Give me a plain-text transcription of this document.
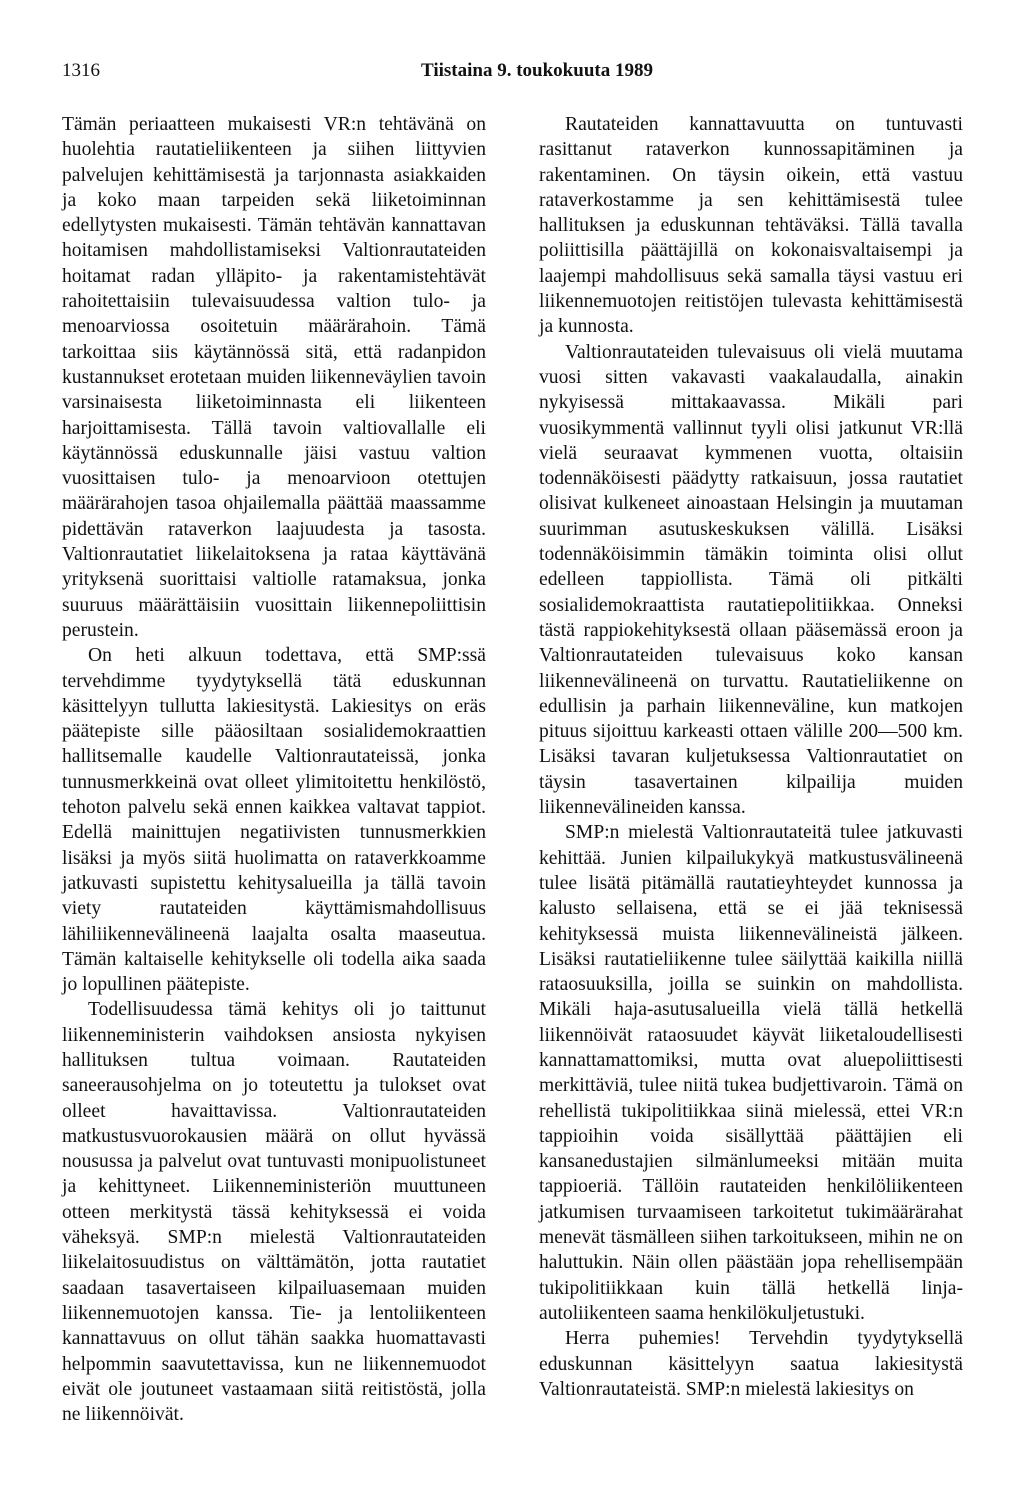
1316	Tiistaina 9. toukokuuta 1989

Tämän periaatteen mukaisesti VR:n tehtävänä on huolehtia rautatieliikenteen ja siihen liittyvien palvelujen kehittämisestä ja tarjonnasta asiakkaiden ja koko maan tarpeiden sekä liiketoiminnan edellytysten mukaisesti. Tämän tehtävän kannattavan hoitamisen mahdollistamiseksi Valtionrautateiden hoitamat radan ylläpito- ja rakentamistehtävät rahoitettaisiin tulevaisuudessa valtion tulo- ja menoarviossa osoitetuin määrärahoin. Tämä tarkoittaa siis käytännössä sitä, että radanpidon kustannukset erotetaan muiden liikenneväylien tavoin varsinaisesta liiketoiminnasta eli liikenteen harjoittamisesta. Tällä tavoin valtiovallalle eli käytännössä eduskunnalle jäisi vastuu valtion vuosittaisen tulo- ja menoarvioon otettujen määrärahojen tasoa ohjailemalla päättää maassamme pidettävän rataverkon laajuudesta ja tasosta. Valtionrautatiet liikelaitoksena ja rataa käyttävänä yrityksenä suorittaisi valtiolle ratamaksua, jonka suuruus määrättäisiin vuosittain liikennepoliittisin perustein.

On heti alkuun todettava, että SMP:ssä tervehdimme tyydytyksellä tätä eduskunnan käsittelyyn tullutta lakiesitystä. Lakiesitys on eräs päätepiste sille pääosiltaan sosialidemokraattien hallitsemalle kaudelle Valtionrautateissä, jonka tunnusmerkkeinä ovat olleet ylimitoitettu henkilöstö, tehoton palvelu sekä ennen kaikkea valtavat tappiot. Edellä mainittujen negatiivisten tunnusmerkkien lisäksi ja myös siitä huolimatta on rataverkkoamme jatkuvasti supistettu kehitysalueilla ja tällä tavoin viety rautateiden käyttämismahdollisuus lähiliikennevälineenä laajalta osalta maaseutua. Tämän kaltaiselle kehitykselle oli todella aika saada jo lopullinen päätepiste.

Todellisuudessa tämä kehitys oli jo taittunut liikenneministerin vaihdoksen ansiosta nykyisen hallituksen tultua voimaan. Rautateiden saneerausohjelma on jo toteutettu ja tulokset ovat olleet havaittavissa. Valtionrautateiden matkustusvuorokausien määrä on ollut hyvässä nousussa ja palvelut ovat tuntuvasti monipuolistuneet ja kehittyneet. Liikenneministeriön muuttuneen otteen merkitystä tässä kehityksessä ei voida väheksyä. SMP:n mielestä Valtionrautateiden liikelaitosuudistus on välttämätön, jotta rautatiet saadaan tasavertaiseen kilpailuasemaan muiden liikennemuotojen kanssa. Tie- ja lentoliikenteen kannattavuus on ollut tähän saakka huomattavasti helpommin saavutettavissa, kun ne liikennemuodot eivät ole joutuneet vastaamaan siitä reitistöstä, jolla ne liikennöivät.

Rautateiden kannattavuutta on tuntuvasti rasittanut rataverkon kunnossapitäminen ja rakentaminen. On täysin oikein, että vastuu rataverkostamme ja sen kehittämisestä tulee hallituksen ja eduskunnan tehtäväksi. Tällä tavalla poliittisilla päättäjillä on kokonaisvaltaisempi ja laajempi mahdollisuus sekä samalla täysi vastuu eri liikennemuotojen reitistöjen tulevasta kehittämisestä ja kunnosta.

Valtionrautateiden tulevaisuus oli vielä muutama vuosi sitten vakavasti vaakalaudalla, ainakin nykyisessä mittakaavassa. Mikäli pari vuosikymmentä vallinnut tyyli olisi jatkunut VR:llä vielä seuraavat kymmenen vuotta, oltaisiin todennäköisesti päädytty ratkaisuun, jossa rautatiet olisivat kulkeneet ainoastaan Helsingin ja muutaman suurimman asutuskeskuksen välillä. Lisäksi todennäköisimmin tämäkin toiminta olisi ollut edelleen tappiollista. Tämä oli pitkälti sosialidemokraattista rautatiepolitiikkaa. Onneksi tästä rappiokehityksestä ollaan pääsemässä eroon ja Valtionrautateiden tulevaisuus koko kansan liikennevälineenä on turvattu. Rautatieliikenne on edullisin ja parhain liikenneväline, kun matkojen pituus sijoittuu karkeasti ottaen välille 200—500 km. Lisäksi tavaran kuljetuksessa Valtionrautatiet on täysin tasavertainen kilpailija muiden liikennevälineiden kanssa.

SMP:n mielestä Valtionrautateitä tulee jatkuvasti kehittää. Junien kilpailukykyä matkustusvälineenä tulee lisätä pitämällä rautatieyhteydet kunnossa ja kalusto sellaisena, että se ei jää teknisessä kehityksessä muista liikennevälineistä jälkeen. Lisäksi rautatieliikenne tulee säilyttää kaikilla niillä rataosuuksilla, joilla se suinkin on mahdollista. Mikäli haja-asutusalueilla vielä tällä hetkellä liikennöivät rataosuudet käyvät liiketaloudellisesti kannattamattomiksi, mutta ovat aluepoliittisesti merkittäviä, tulee niitä tukea budjettivaroin. Tämä on rehellistä tukipolitiikkaa siinä mielessä, ettei VR:n tappioihin voida sisällyttää päättäjien eli kansanedustajien silmänlumeeksi mitään muita tappioeriä. Tällöin rautateiden henkilöliikenteen jatkumisen turvaamiseen tarkoitetut tukimäärärahat menevät täsmälleen siihen tarkoitukseen, mihin ne on haluttukin. Näin ollen päästään jopa rehellisempään tukipolitiikkaan kuin tällä hetkellä linja-autoliikenteen saama henkilökuljetustuki.

Herra puhemies! Tervehdin tyydytyksellä eduskunnan käsittelyyn saatua lakiesitystä Valtionrautateistä. SMP:n mielestä lakiesitys on
